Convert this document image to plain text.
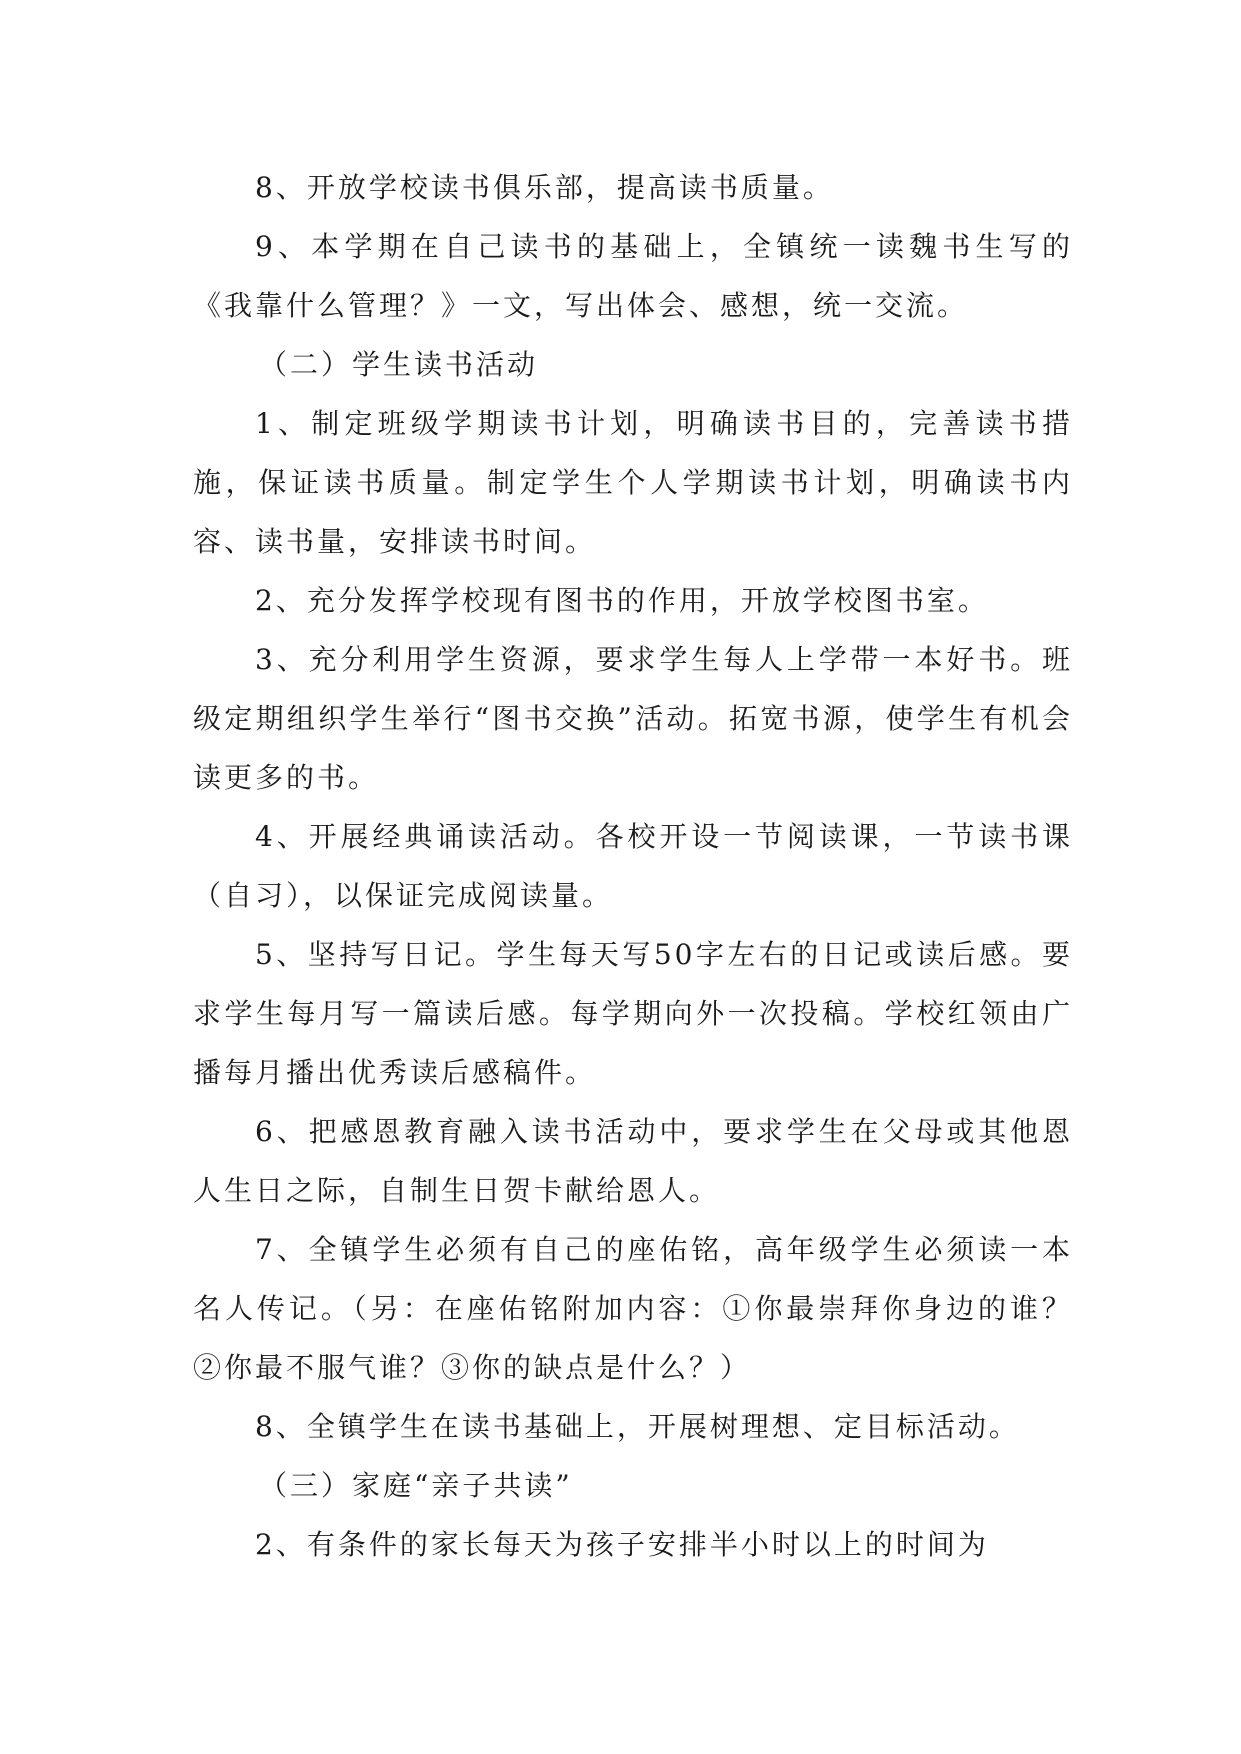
8、开放学校读书俱乐部，提高读书质量。

9、本学期在自己读书的基础上，全镇统一读魏书生写的《我靠什么管理？》一文，写出体会、感想，统一交流。

（二）学生读书活动

1、制定班级学期读书计划，明确读书目的，完善读书措施，保证读书质量。制定学生个人学期读书计划，明确读书内容、读书量，安排读书时间。

2、充分发挥学校现有图书的作用，开放学校图书室。

3、充分利用学生资源，要求学生每人上学带一本好书。班级定期组织学生举行“图书交换”活动。拓宽书源，使学生有机会读更多的书。

4、开展经典诵读活动。各校开设一节阅读课，一节读书课（自习），以保证完成阅读量。

5、坚持写日记。学生每天写50字左右的日记或读后感。要求学生每月写一篇读后感。每学期向外一次投稿。学校红领由广播每月播出优秀读后感稿件。

6、把感恩教育融入读书活动中，要求学生在父母或其他恩人生日之际，自制生日贺卡献给恩人。

7、全镇学生必须有自己的座佑铭，高年级学生必须读一本名人传记。（另：在座佑铭附加内容：①你最崇拜你身边的谁？②你最不服气谁？③你的缺点是什么？）

8、全镇学生在读书基础上，开展树理想、定目标活动。

（三）家庭“亲子共读”

2、有条件的家长每天为孩子安排半小时以上的时间为
